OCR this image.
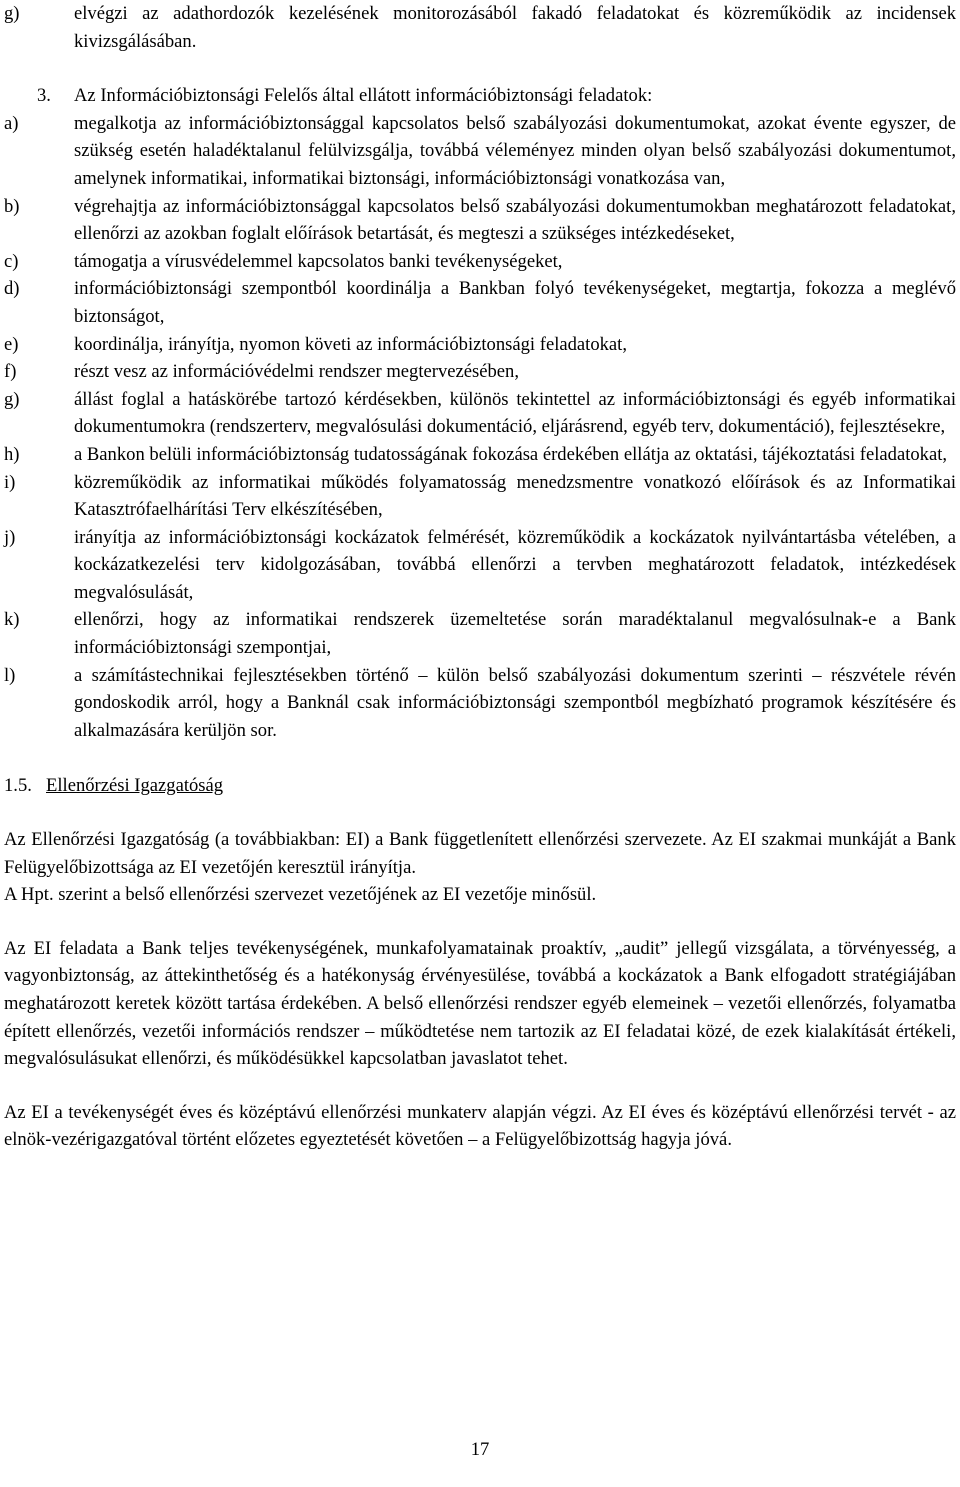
g)	elvégzi az adathordozók kezelésének monitorozásából fakadó feladatokat és közreműködik az incidensek kivizsgálásában.
3.	Az Információbiztonsági Felelős által ellátott információbiztonsági feladatok:
a)	megalkotja az információbiztonsággal kapcsolatos belső szabályozási dokumentumokat, azokat évente egyszer, de szükség esetén haladéktalanul felülvizsgálja, továbbá véleményez minden olyan belső szabályozási dokumentumot, amelynek informatikai, informatikai biztonsági, információbiztonsági vonatkozása van,
b)	végrehajtja az információbiztonsággal kapcsolatos belső szabályozási dokumentumokban meghatározott feladatokat, ellenőrzi az azokban foglalt előírások betartását, és megteszi a szükséges intézkedéseket,
c)	támogatja a vírusvédelemmel kapcsolatos banki tevékenységeket,
d)	információbiztonsági szempontból koordinálja a Bankban folyó tevékenységeket, megtartja, fokozza a meglévő biztonságot,
e)	koordinálja, irányítja, nyomon követi az információbiztonsági feladatokat,
f)	részt vesz az információvédelmi rendszer megtervezésében,
g)	állást foglal a hatáskörébe tartozó kérdésekben, különös tekintettel az információbiztonsági és egyéb informatikai dokumentumokra (rendszerterv, megvalósulási dokumentáció, eljárásrend, egyéb terv, dokumentáció), fejlesztésekre,
h)	a Bankon belüli információbiztonság tudatosságának fokozása érdekében ellátja az oktatási, tájékoztatási feladatokat,
i)	közreműködik az informatikai működés folyamatosság menedzsmentre vonatkozó előírások és az Informatikai Katasztrófaelhárítási Terv elkészítésében,
j)	irányítja az információbiztonsági kockázatok felmérését, közreműködik a kockázatok nyilvántartásba vételében, a kockázatkezelési terv kidolgozásában, továbbá ellenőrzi a tervben meghatározott feladatok, intézkedések megvalósulását,
k)	ellenőrzi, hogy az informatikai rendszerek üzemeltetése során maradéktalanul megvalósulnak-e a Bank információbiztonsági szempontjai,
l)	a számítástechnikai fejlesztésekben történő – külön belső szabályozási dokumentum szerinti – részvétele révén gondoskodik arról, hogy a Banknál csak információbiztonsági szempontból megbízható programok készítésére és alkalmazására kerüljön sor.
1.5. Ellenőrzési Igazgatóság

Az Ellenőrzési Igazgatóság (a továbbiakban: EI) a Bank függetlenített ellenőrzési szervezete. Az EI szakmai munkáját a Bank Felügyelőbizottsága az EI vezetőjén keresztül irányítja.

A Hpt. szerint a belső ellenőrzési szervezet vezetőjének az EI vezetője minősül.

Az EI feladata a Bank teljes tevékenységének, munkafolyamatainak proaktív, „audit” jellegű vizsgálata, a törvényesség, a vagyonbiztonság, az áttekinthetőség és a hatékonyság érvényesülése, továbbá a kockázatok a Bank elfogadott stratégiájában meghatározott keretek között tartása érdekében. A belső ellenőrzési rendszer egyéb elemeinek – vezetői ellenőrzés, folyamatba épített ellenőrzés, vezetői információs rendszer – működtetése nem tartozik az EI feladatai közé, de ezek kialakítását értékeli, megvalósulásukat ellenőrzi, és működésükkel kapcsolatban javaslatot tehet.

Az EI a tevékenységét éves és középtávú ellenőrzési munkaterv alapján végzi. Az EI éves és középtávú ellenőrzési tervét - az elnök-vezérigazgatóval történt előzetes egyeztetését követően – a Felügyelőbizottság hagyja jóvá.

17
